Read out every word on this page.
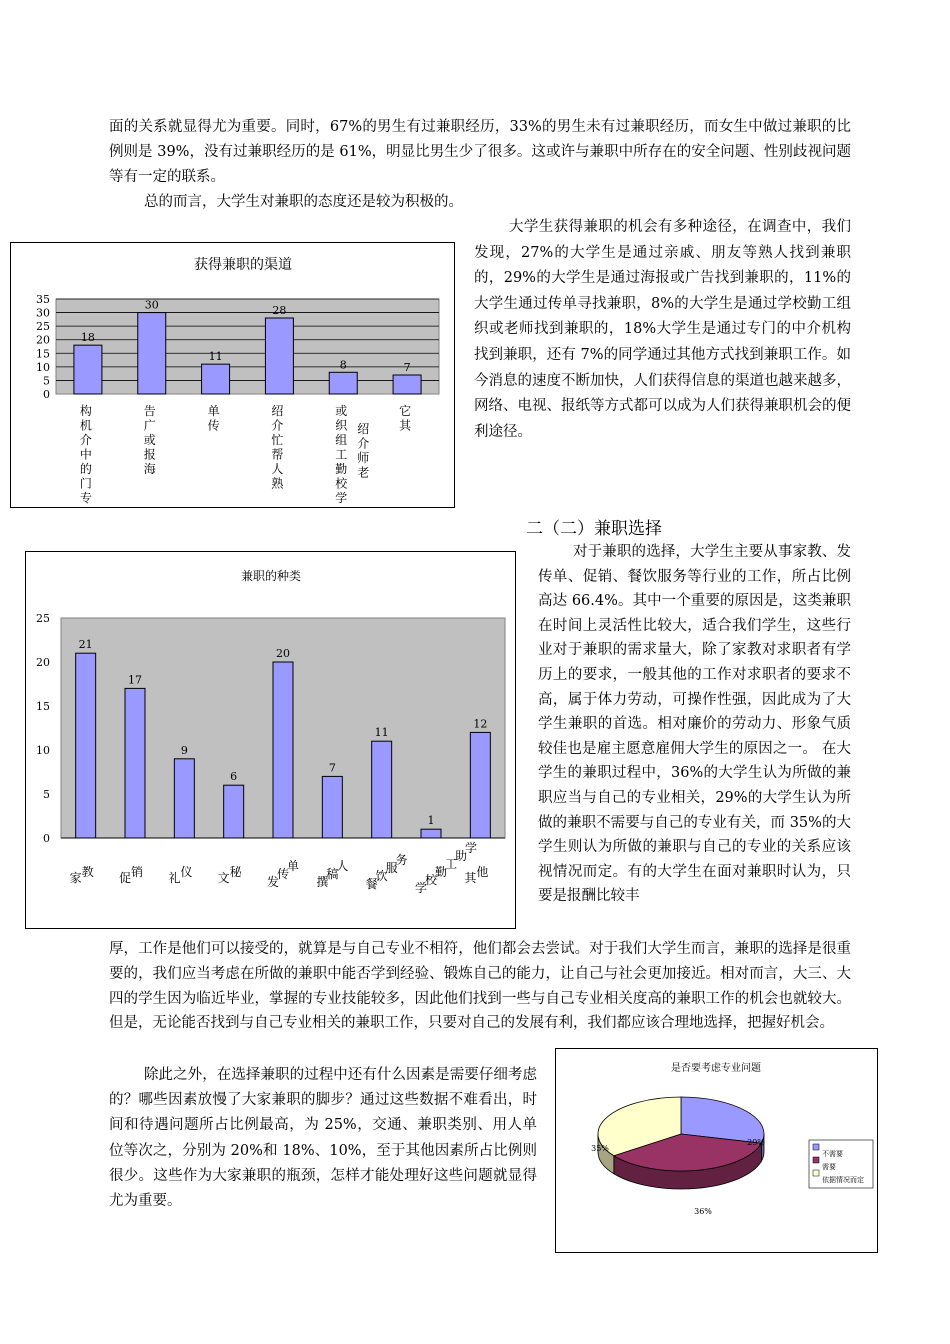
面的关系就显得尤为重要。同时，67%的男生有过兼职经历，33%的男生未有过兼职经历，而女生中做过兼职的比例则是 39%，没有过兼职经历的是 61%，明显比男生少了很多。这或许与兼职中所存在的安全问题、性别歧视问题等有一定的联系。

总的而言，大学生对兼职的态度还是较为积极的。

获得兼职的渠道
35
30
25
20
15
10
5
0
18
构机介中的门专
30
告广或报海
11
单传
28
绍介忙帮人熟
8
或织组工勤校学
绍介师老
7
它其

大学生获得兼职的机会有多种途径，在调查中，我们发现，27%的大学生是通过亲戚、朋友等熟人找到兼职的，29%的大学生是通过海报或广告找到兼职的，11%的大学生通过传单寻找兼职，8%的大学生是通过学校勤工组织或老师找到兼职的，18%大学生是通过专门的中介机构找到兼职，还有 7%的同学通过其他方式找到兼职工作。如今消息的速度不断加快，人们获得信息的渠道也越来越多，网络、电视、报纸等方式都可以成为人们获得兼职机会的便利途径。

二（二）兼职选择
兼职的种类
25
20
15
10
5
0
21
家教
17
促销
9
礼仪
6
文秘
20
发传单
7
撰稿人
11
餐饮服务
1
学校勤工助学
12
其他

对于兼职的选择，大学生主要从事家教、发传单、促销、餐饮服务等行业的工作，所占比例高达 66.4%。其中一个重要的原因是，这类兼职在时间上灵活性比较大，适合我们学生，这些行业对于兼职的需求量大，除了家教对求职者有学历上的要求，一般其他的工作对求职者的要求不高，属于体力劳动，可操作性强，因此成为了大学生兼职的首选。相对廉价的劳动力、形象气质较佳也是雇主愿意雇佣大学生的原因之一。 在大学生的兼职过程中，36%的大学生认为所做的兼职应当与自己的专业相关，29%的大学生认为所做的兼职不需要与自己的专业有关，而 35%的大学生则认为所做的兼职与自己的专业的关系应该视情况而定。有的大学生在面对兼职时认为，只要是报酬比较丰

厚，工作是他们可以接受的，就算是与自己专业不相符，他们都会去尝试。对于我们大学生而言，兼职的选择是很重要的，我们应当考虑在所做的兼职中能否学到经验、锻炼自己的能力，让自己与社会更加接近。相对而言，大三、大四的学生因为临近毕业，掌握的专业技能较多，因此他们找到一些与自己专业相关度高的兼职工作的机会也就较大。但是，无论能否找到与自己专业相关的兼职工作，只要对自己的发展有利，我们都应该合理地选择，把握好机会。

除此之外，在选择兼职的过程中还有什么因素是需要仔细考虑的？哪些因素放慢了大家兼职的脚步？通过这些数据不难看出，时间和待遇问题所占比例最高，为 25%，交通、兼职类别、用人单位等次之，分别为 20%和 18%、10%，至于其他因素所占比例则很少。这些作为大家兼职的瓶颈，怎样才能处理好这些问题就显得尤为重要。

是否要考虑专业问题
29%
36%
35%
不需要
需要
依据情况而定
